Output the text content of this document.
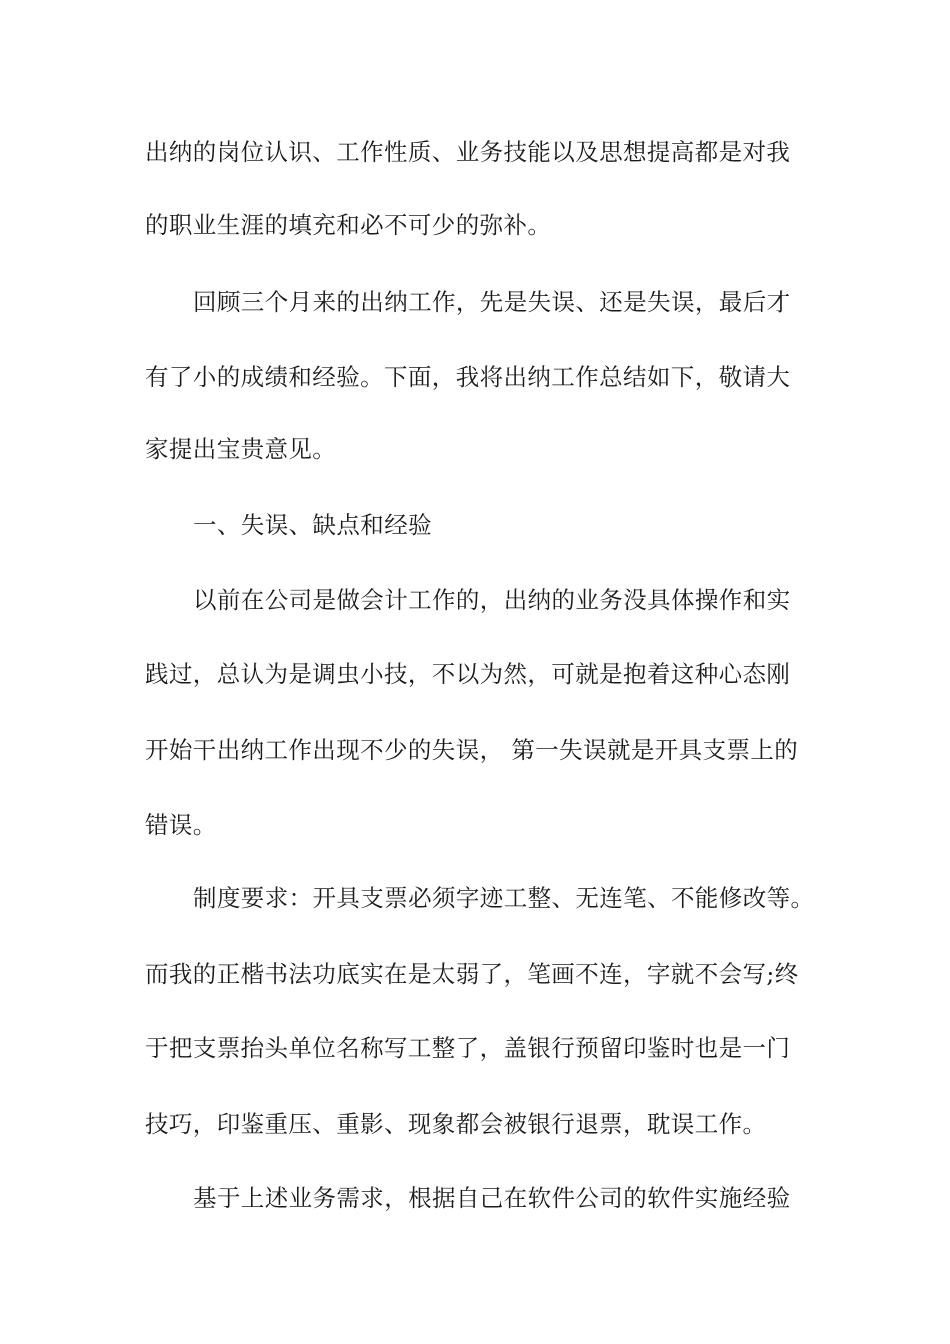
出纳的岗位认识、工作性质、业务技能以及思想提高都是对我
的职业生涯的填充和必不可少的弥补。
回顾三个月来的出纳工作，先是失误、还是失误，最后才
有了小的成绩和经验。下面，我将出纳工作总结如下，敬请大
家提出宝贵意见。
一、失误、缺点和经验
以前在公司是做会计工作的，出纳的业务没具体操作和实
践过，总认为是调虫小技，不以为然，可就是抱着这种心态刚
开始干出纳工作出现不少的失误， 第一失误就是开具支票上的
错误。
制度要求：开具支票必须字迹工整、无连笔、不能修改等。
而我的正楷书法功底实在是太弱了，笔画不连，字就不会写;终
于把支票抬头单位名称写工整了，盖银行预留印鉴时也是一门
技巧，印鉴重压、重影、现象都会被银行退票，耽误工作。
基于上述业务需求，根据自己在软件公司的软件实施经验
